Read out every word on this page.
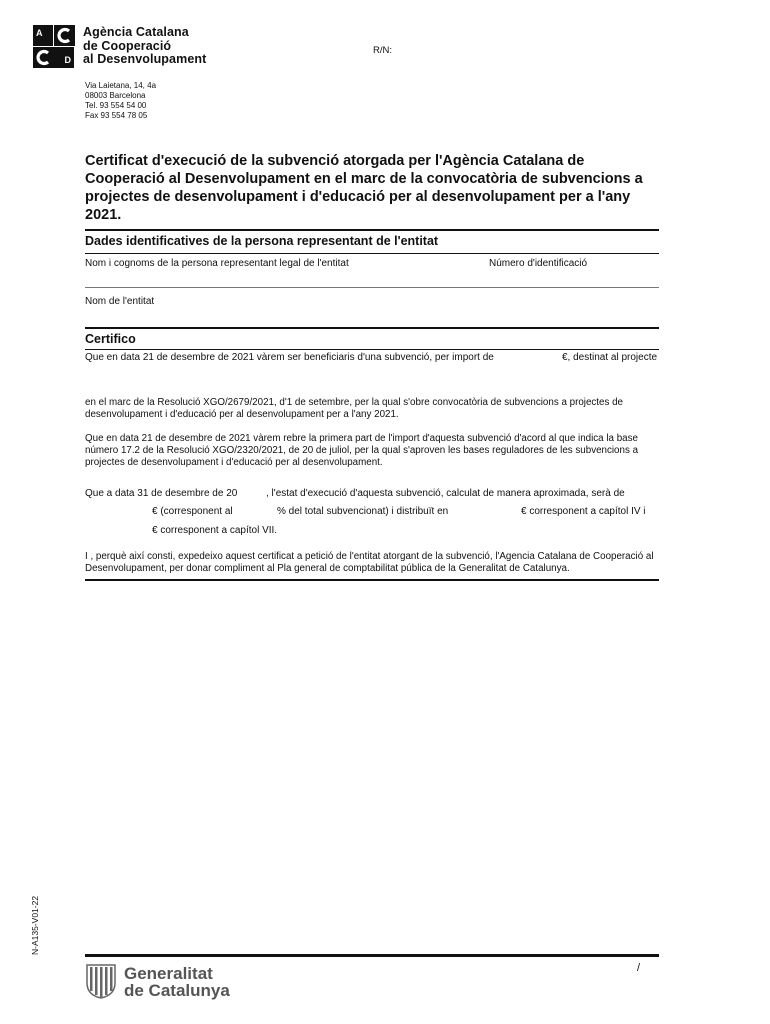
A
D
Agència Catalana
de Cooperació
al Desenvolupament
R/N:
Via Laietana, 14, 4a
08003 Barcelona
Tel. 93 554 54 00
Fax 93 554 78 05
Certificat d'execució de la subvenció atorgada per l'Agència Catalana de Cooperació al Desenvolupament en el marc de la convocatòria de subvencions a projectes de desenvolupament i d'educació per al desenvolupament per a l'any 2021.
Dades identificatives de la persona representant de l'entitat
Nom i cognoms de la persona representant legal de l'entitat	Número d'identificació
Nom de l'entitat
Certifico
Que en data 21 de desembre de 2021 vàrem ser beneficiaris d'una subvenció, per import de	€, destinat al projecte
en el marc de la Resolució XGO/2679/2021, d'1 de setembre, per la qual s'obre convocatòria de subvencions a projectes de desenvolupament i d'educació per al desenvolupament per a l'any 2021.
Que en data 21 de desembre de 2021 vàrem rebre la primera part de l'import d'aquesta subvenció d'acord al que indica la base número 17.2 de la Resolució XGO/2320/2021, de 20 de juliol, per la qual s'aproven les bases reguladores de les subvencions a projectes de desenvolupament i d'educació per al desenvolupament.
Que a data 31 de desembre de 20	, l'estat d'execució d'aquesta subvenció, calculat de manera aproximada, serà de
€ (corresponent al	% del total subvencionat) i distribuït en	€ corresponent a capítol IV i
€ corresponent a capítol VII.
I , perquè així consti, expedeixo aquest certificat a petició de l'entitat atorgant de la subvenció, l'Agencia Catalana de Cooperació al Desenvolupament, per donar compliment al Pla general de comptabilitat pública de la Generalitat de Catalunya.
N-A135-V01-22
Generalitat
de Catalunya
/
